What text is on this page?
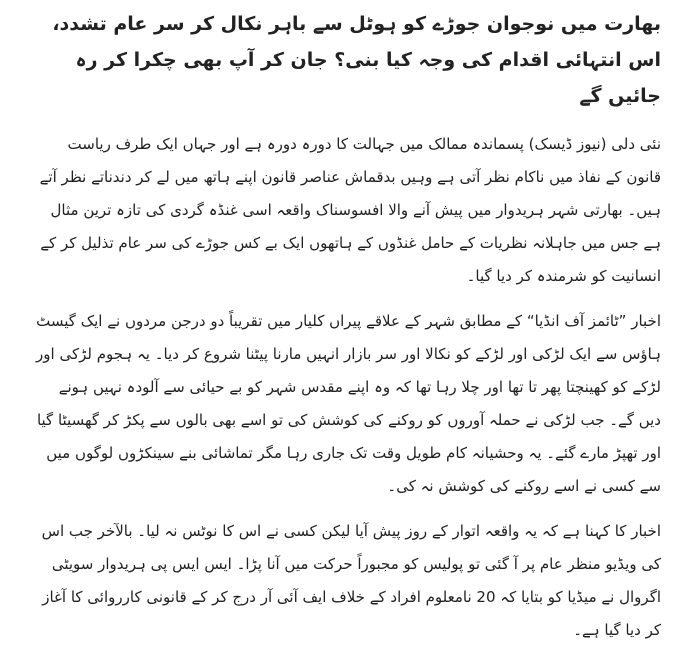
بھارت میں نوجوان جوڑے کو ہوٹل سے باہر نکال کر سر عام تشدد، اس انتہائی اقدام کی وجہ کیا بنی؟ جان کر آپ بھی چکرا کر رہ جائیں گے

نئی دلی (نیوز ڈیسک) پسماندہ ممالک میں جہالت کا دورہ دورہ ہے اور جہاں ایک طرف ریاست قانون کے نفاذ میں ناکام نظر آتی ہے وہیں بدقماش عناصر قانون اپنے ہاتھ میں لے کر دندناتے نظر آتے ہیں۔ بھارتی شہر ہریدوار میں پیش آنے والا افسوسناک واقعہ اسی غنڈہ گردی کی تازہ ترین مثال ہے جس میں جاہلانہ نظریات کے حامل غنڈوں کے ہاتھوں ایک بے کس جوڑے کی سر عام تذلیل کر کے انسانیت کو شرمندہ کر دیا گیا۔

اخبار ”ٹائمز آف انڈیا“ کے مطابق شہر کے علاقے پیراں کلیار میں تقریباً دو درجن مردوں نے ایک گیسٹ ہاؤس سے ایک لڑکی اور لڑکے کو نکالا اور سر بازار انہیں مارنا پیٹنا شروع کر دیا۔ یہ ہجوم لڑکی اور لڑکے کو کھینچتا پھر تا تھا اور چلا رہا تھا کہ وہ اپنے مقدس شہر کو بے حیائی سے آلودہ نہیں ہونے دیں گے۔ جب لڑکی نے حملہ آوروں کو روکنے کی کوشش کی تو اسے بھی بالوں سے پکڑ کر گھسیٹا گیا اور تھپڑ مارے گئے۔ یہ وحشیانہ کام طویل وقت تک جاری رہا مگر تماشائی بنے سینکڑوں لوگوں میں سے کسی نے اسے روکنے کی کوشش نہ کی۔

اخبار کا کہنا ہے کہ یہ واقعہ اتوار کے روز پیش آیا لیکن کسی نے اس کا نوٹس نہ لیا۔ بالآخر جب اس کی ویڈیو منظر عام پر آ گئی تو پولیس کو مجبوراً حرکت میں آنا پڑا۔ ایس ایس پی ہریدوار سویٹی اگروال نے میڈیا کو بتایا کہ 20 نامعلوم افراد کے خلاف ایف آئی آر درج کر کے قانونی کارروائی کا آغاز کر دیا گیا ہے۔
